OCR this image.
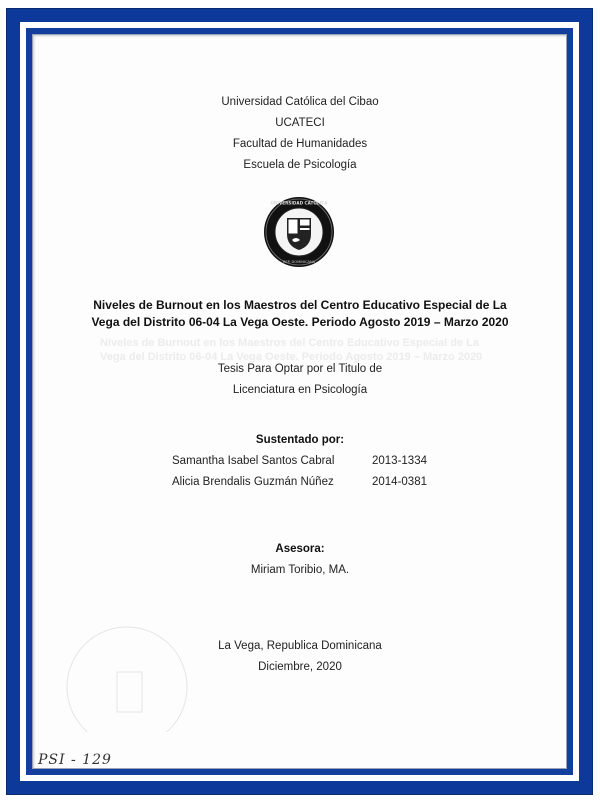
Universidad Católica del Cibao
UCATECI
Facultad de Humanidades
Escuela de Psicología
UNIVERSIDAD CATOLICA
REP. DOMINICANA
Niveles de Burnout en los Maestros del Centro Educativo Especial de La
Vega del Distrito 06-04 La Vega Oeste. Periodo Agosto 2019 – Marzo 2020
Niveles de Burnout en los Maestros del Centro Educativo Especial de La
Vega del Distrito 06-04 La Vega Oeste. Periodo Agosto 2019 – Marzo 2020
Tesis Para Optar por el Titulo de
Licenciatura en Psicología
Sustentado por:
Samantha Isabel Santos Cabral	2013-1334
Alicia Brendalis Guzmán Núñez	2014-0381
Asesora:
Miriam Toribio, MA.
La Vega, Republica Dominicana
Diciembre, 2020
PSI - 129
